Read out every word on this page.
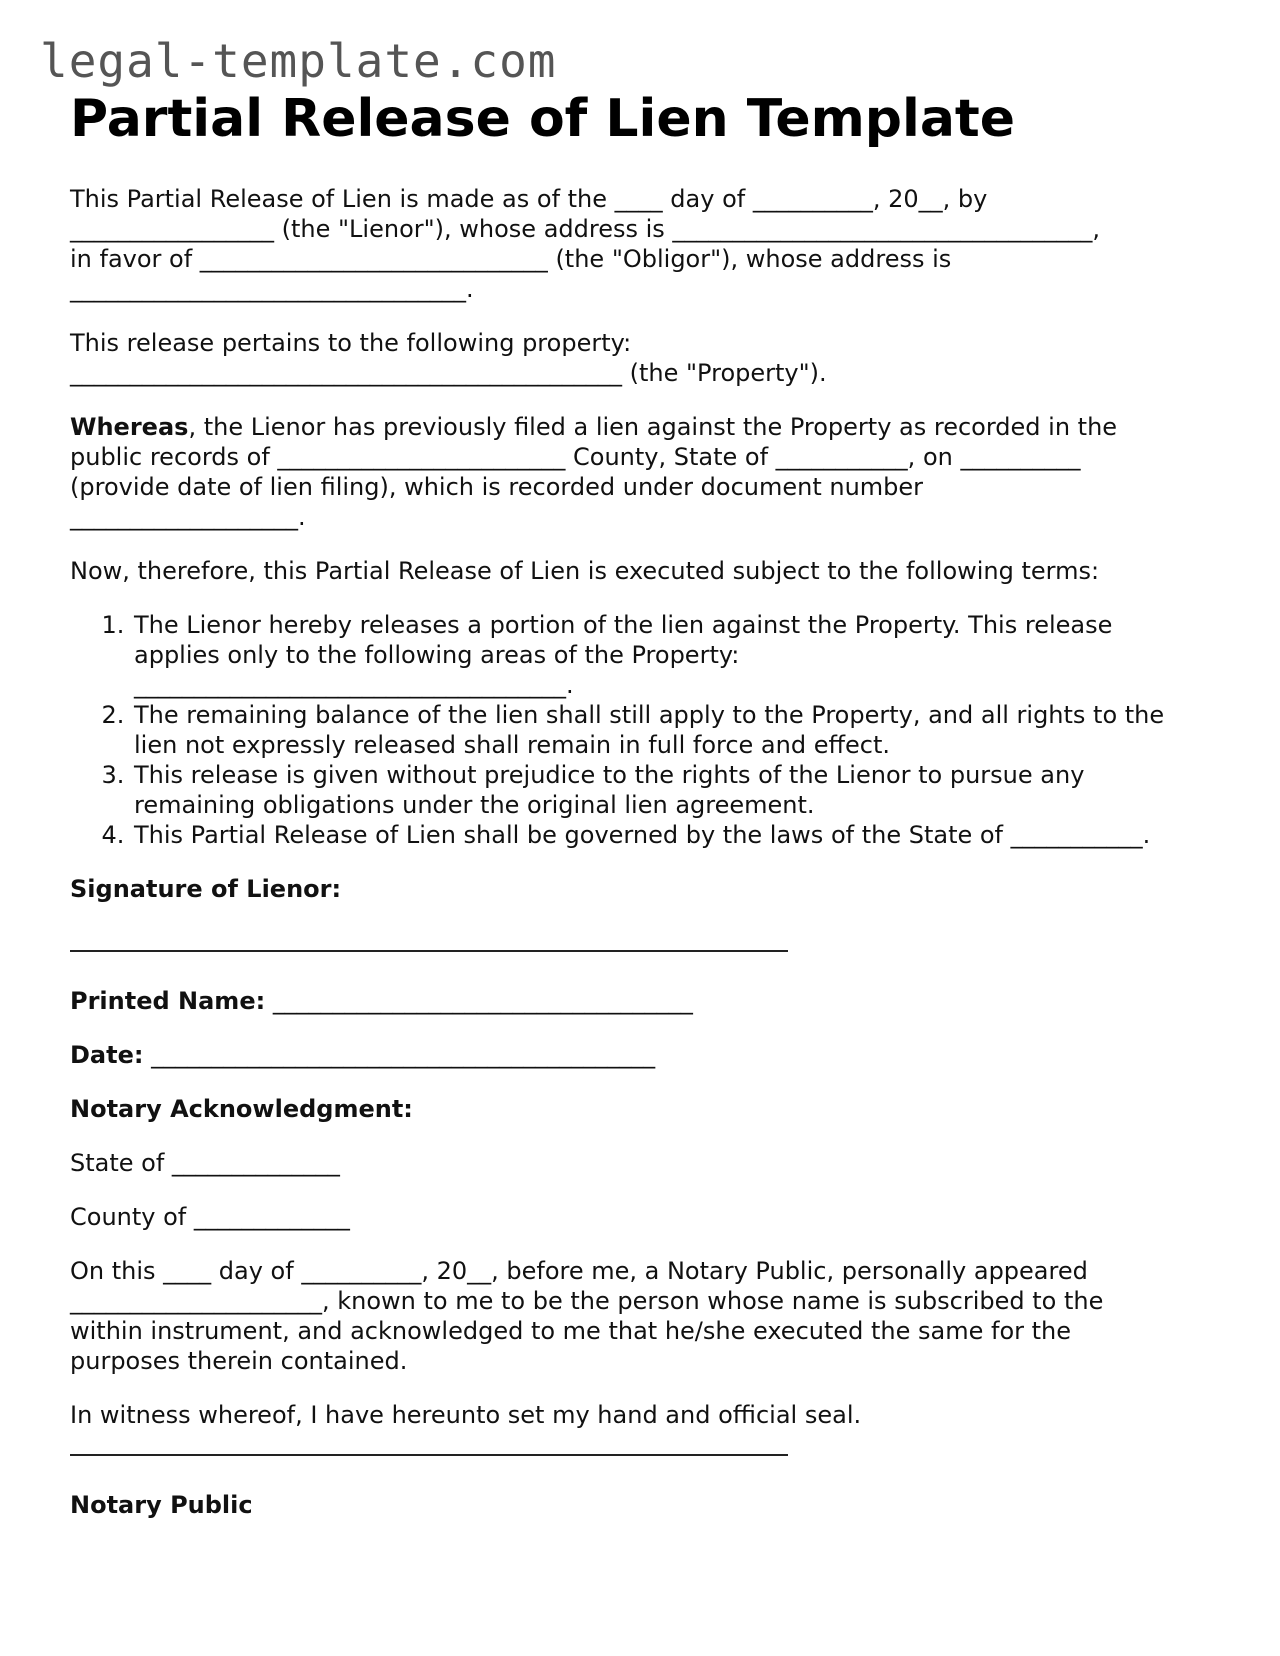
legal-template.com
Partial Release of Lien Template

This Partial Release of Lien is made as of the ____ day of __________, 20__, by
_________________ (the "Lienor"), whose address is ___________________________________,
in favor of _____________________________ (the "Obligor"), whose address is
_________________________________.

This release pertains to the following property:
______________________________________________ (the "Property").

Whereas, the Lienor has previously filed a lien against the Property as recorded in the
public records of ________________________ County, State of ___________, on __________
(provide date of lien filing), which is recorded under document number
___________________.

Now, therefore, this Partial Release of Lien is executed subject to the following terms:

1. The Lienor hereby releases a portion of the lien against the Property. This release
applies only to the following areas of the Property:
____________________________________.
2. The remaining balance of the lien shall still apply to the Property, and all rights to the
lien not expressly released shall remain in full force and effect.
3. This release is given without prejudice to the rights of the Lienor to pursue any
remaining obligations under the original lien agreement.
4. This Partial Release of Lien shall be governed by the laws of the State of ___________.

Signature of Lienor:

Printed Name: ___________________________________

Date: __________________________________________

Notary Acknowledgment:

State of ______________

County of _____________

On this ____ day of __________, 20__, before me, a Notary Public, personally appeared
_____________________, known to me to be the person whose name is subscribed to the
within instrument, and acknowledged to me that he/she executed the same for the
purposes therein contained.

In witness whereof, I have hereunto set my hand and official seal.

Notary Public
